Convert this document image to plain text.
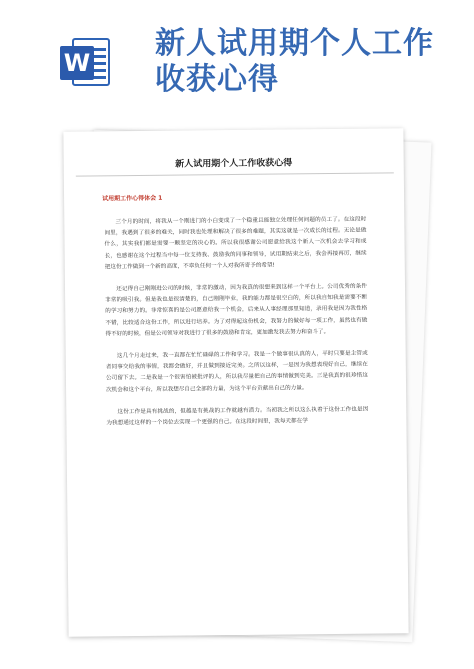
W
新人试用期个人工作收获心得
新人试用期个人工作收获心得
试用期工作心得体会 1

三个月的时间，将我从一个刚进门的小白变成了一个稳重且能独立处理任何问题的员工了。在这段时间里，我遇到了很多的难关，同时我也处理和解决了很多的难题，其实这就是一次成长的过程。无论是做什么，其实我们都是需要一颗坚定的决心的。所以我很感谢公司愿意给我这个新人一次机会去学习和成长，也感谢在这个过程当中每一位支持我、鼓励我的同事和领导，试用期结束之后，我会再接再厉，继续把这份工作做到一个新的高度，不辜负任何一个人对我所寄予的希望!

还记得自己刚刚进公司的时候，非常的激动，因为我真的很想来到这样一个平台上。公司优秀的条件非常的吸引我。但是我也是很清楚的，自己刚刚毕业，我的能力都是很空白的，所以我自知我是需要不断的学习和努力的。非常惊喜的是公司愿意给我一个机会，后来从人事经理那里知道，录用我是因为我性格不错，比较适合这份工作，所以进行培养。为了对得起这份机会，我努力的做好每一项工作，虽然也有做得不好的时候，但是公司领导对我进行了很多的鼓励和肯定，更加激发我去努力和奋斗了。

这几个月走过来，我一直都在忙忙碌碌的工作和学习。我是一个做事很认真的人，平时只要是主管或者同事交给我的事情，我都会做好，并且做到接近完美。之所以这样，一是因为我想表现好自己，继续在公司留下去。二是我是一个很害怕被批评的人，所以我尽量把自己的事情做到完美。三是我真的很珍惜这次机会和这个平台，所以我想尽自己全部的力量，为这个平台贡献出自己的力量。

这份工作是具有挑战的，但越是有挑战的工作就越有潜力。当初我之所以这么执着于这份工作也是因为我想通过这样的一个岗位去实现一个更强的自己。在这段时间里，我每天都在学
